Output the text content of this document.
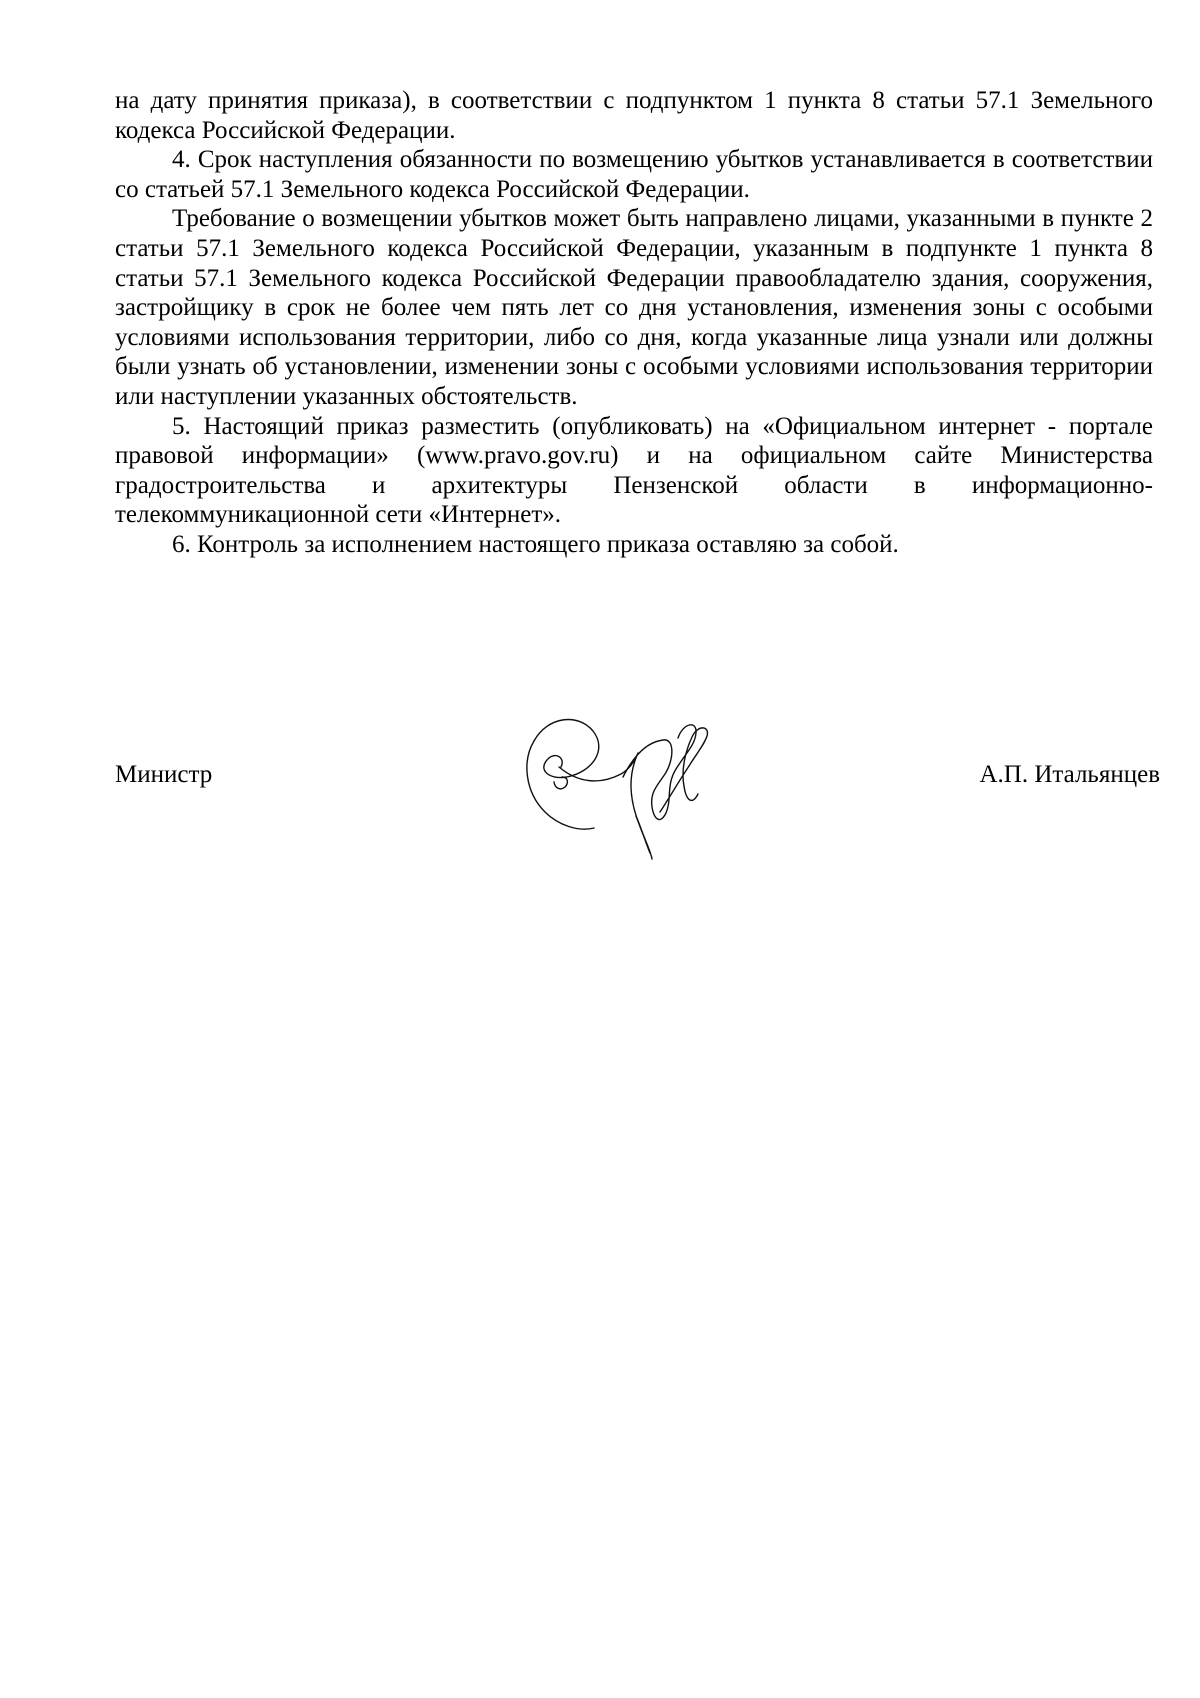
на дату принятия приказа), в соответствии с подпунктом 1 пункта 8 статьи 57.1 Земельного кодекса Российской Федерации.

4. Срок наступления обязанности по возмещению убытков устанавливается в соответствии со статьей 57.1 Земельного кодекса Российской Федерации.

Требование о возмещении убытков может быть направлено лицами, указанными в пункте 2 статьи 57.1 Земельного кодекса Российской Федерации, указанным в подпункте 1 пункта 8 статьи 57.1 Земельного кодекса Российской Федерации правообладателю здания, сооружения, застройщику в срок не более чем пять лет со дня установления, изменения зоны с особыми условиями использования территории, либо со дня, когда указанные лица узнали или должны были узнать об установлении, изменении зоны с особыми условиями использования территории или наступлении указанных обстоятельств.

5. Настоящий приказ разместить (опубликовать) на «Официальном интернет - портале правовой информации» (www.pravo.gov.ru) и на официальном сайте Министерства градостроительства и архитектуры Пензенской области в информационно-телекоммуникационной сети «Интернет».

6. Контроль за исполнением настоящего приказа оставляю за собой.

Министр	А.П. Итальянцев
